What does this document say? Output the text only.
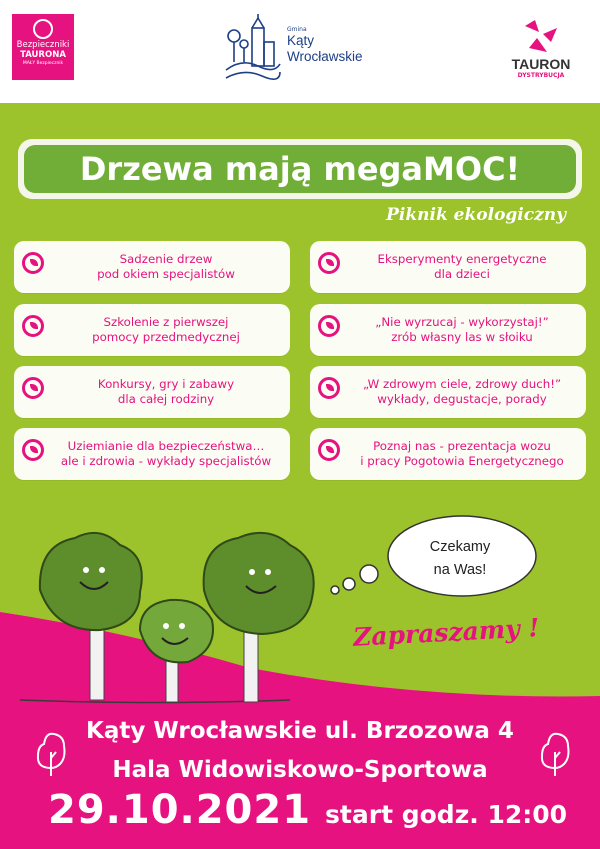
Bezpieczniki
TAURONA
MAŁY Bezpiecznik
Gmina
Kąty
Wrocławskie	TAURON
DYSTRYBUCJA
Drzewa mają megaMOC!
Piknik ekologiczny
Sadzenie drzew
pod okiem specjalistów
Szkolenie z pierwszej
pomocy przedmedycznej
Konkursy, gry i zabawy
dla całej rodziny
Uziemianie dla bezpieczeństwa…
ale i zdrowia - wykłady specjalistów
Eksperymenty energetyczne
dla dzieci
„Nie wyrzucaj - wykorzystaj!”
zrób własny las w słoiku
„W zdrowym ciele, zdrowy duch!”
wykłady, degustacje, porady
Poznaj nas - prezentacja wozu
i pracy Pogotowia Energetycznego
Czekamy
na Was!
Zapraszamy !
Kąty Wrocławskie ul. Brzozowa 4
Hala Widowiskowo-Sportowa
29.10.2021 start godz. 12:00
